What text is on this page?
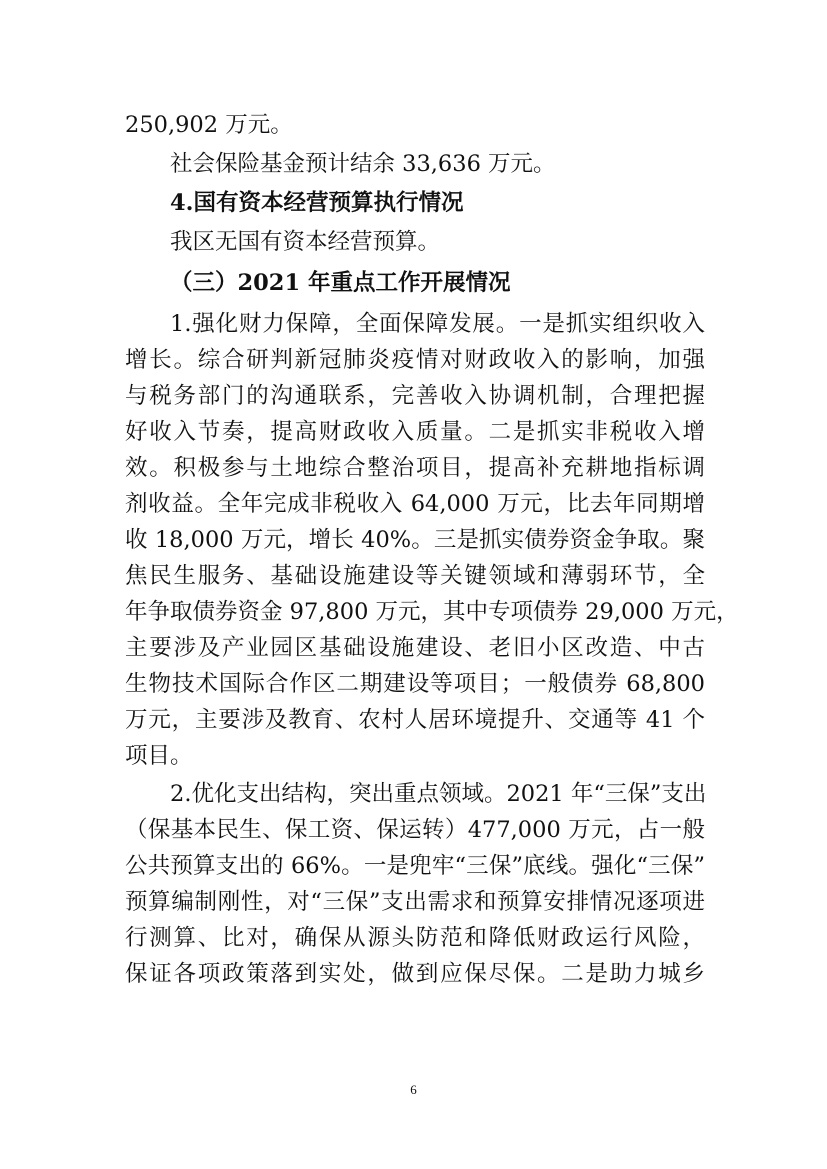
250,902 万元。
社会保险基金预计结余 33,636 万元。
4.国有资本经营预算执行情况
我区无国有资本经营预算。
（三）2021 年重点工作开展情况
1.强化财力保障，全面保障发展。一是抓实组织收入
增长。综合研判新冠肺炎疫情对财政收入的影响，加强
与税务部门的沟通联系，完善收入协调机制，合理把握
好收入节奏，提高财政收入质量。二是抓实非税收入增
效。积极参与土地综合整治项目，提高补充耕地指标调
剂收益。全年完成非税收入 64,000 万元，比去年同期增
收 18,000 万元，增长 40%。三是抓实债券资金争取。聚
焦民生服务、基础设施建设等关键领域和薄弱环节，全
年争取债券资金 97,800 万元，其中专项债券 29,000 万元，
主要涉及产业园区基础设施建设、老旧小区改造、中古
生物技术国际合作区二期建设等项目；一般债券 68,800
万元，主要涉及教育、农村人居环境提升、交通等 41 个
项目。
2.优化支出结构，突出重点领域。2021 年“三保”支出
（保基本民生、保工资、保运转）477,000 万元，占一般
公共预算支出的 66%。一是兜牢“三保”底线。强化“三保”
预算编制刚性，对“三保”支出需求和预算安排情况逐项进
行测算、比对，确保从源头防范和降低财政运行风险，
保证各项政策落到实处，做到应保尽保。二是助力城乡
6
